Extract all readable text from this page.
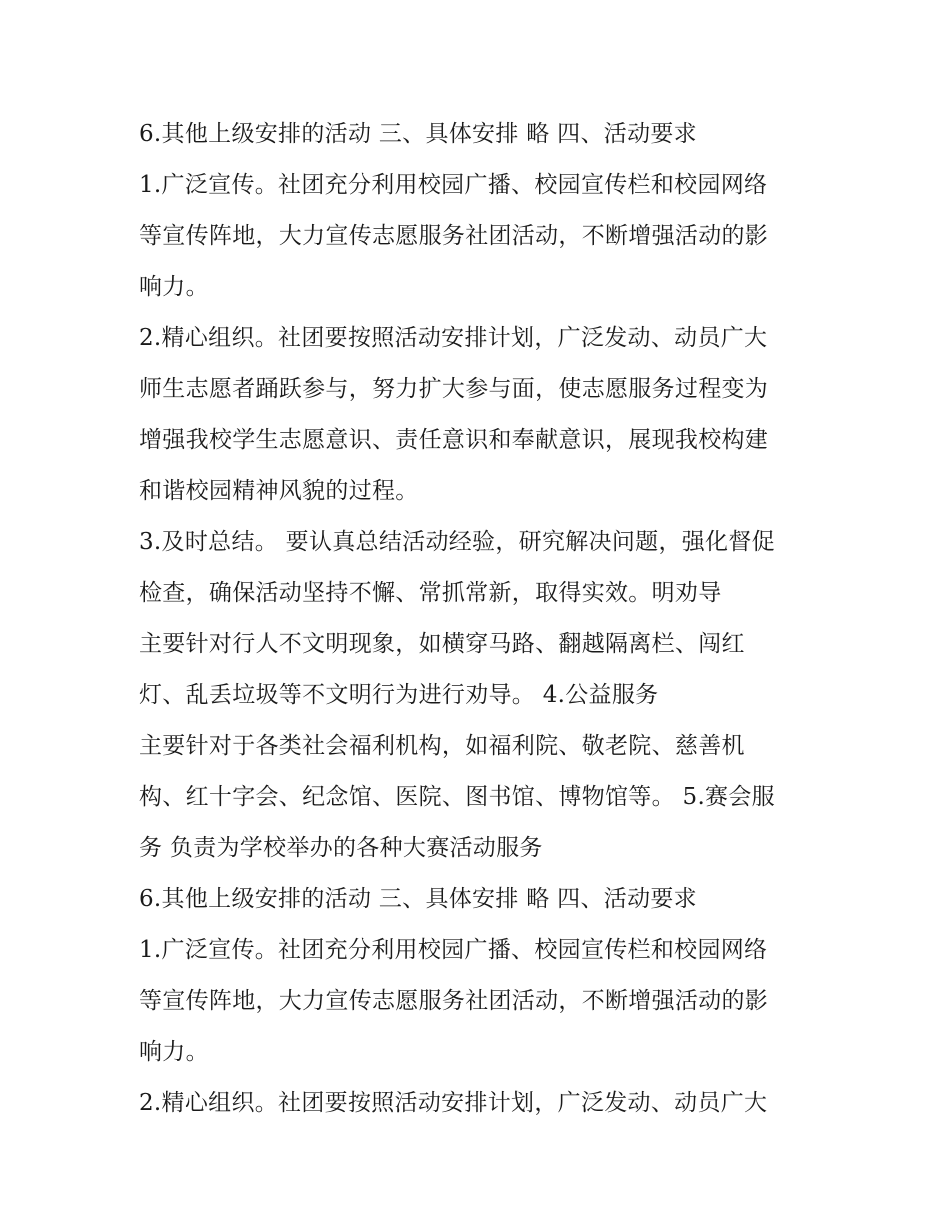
6.其他上级安排的活动 三、具体安排 略 四、活动要求
1.广泛宣传。社团充分利用校园广播、校园宣传栏和校园网络
等宣传阵地，大力宣传志愿服务社团活动，不断增强活动的影
响力。
2.精心组织。社团要按照活动安排计划，广泛发动、动员广大
师生志愿者踊跃参与，努力扩大参与面，使志愿服务过程变为
增强我校学生志愿意识、责任意识和奉献意识，展现我校构建
和谐校园精神风貌的过程。
3.及时总结。 要认真总结活动经验，研究解决问题，强化督促
检查，确保活动坚持不懈、常抓常新，取得实效。明劝导
主要针对行人不文明现象，如横穿马路、翻越隔离栏、闯红
灯、乱丢垃圾等不文明行为进行劝导。 4.公益服务
主要针对于各类社会福利机构，如福利院、敬老院、慈善机
构、红十字会、纪念馆、医院、图书馆、博物馆等。 5.赛会服
务 负责为学校举办的各种大赛活动服务
6.其他上级安排的活动 三、具体安排 略 四、活动要求
1.广泛宣传。社团充分利用校园广播、校园宣传栏和校园网络
等宣传阵地，大力宣传志愿服务社团活动，不断增强活动的影
响力。
2.精心组织。社团要按照活动安排计划，广泛发动、动员广大
